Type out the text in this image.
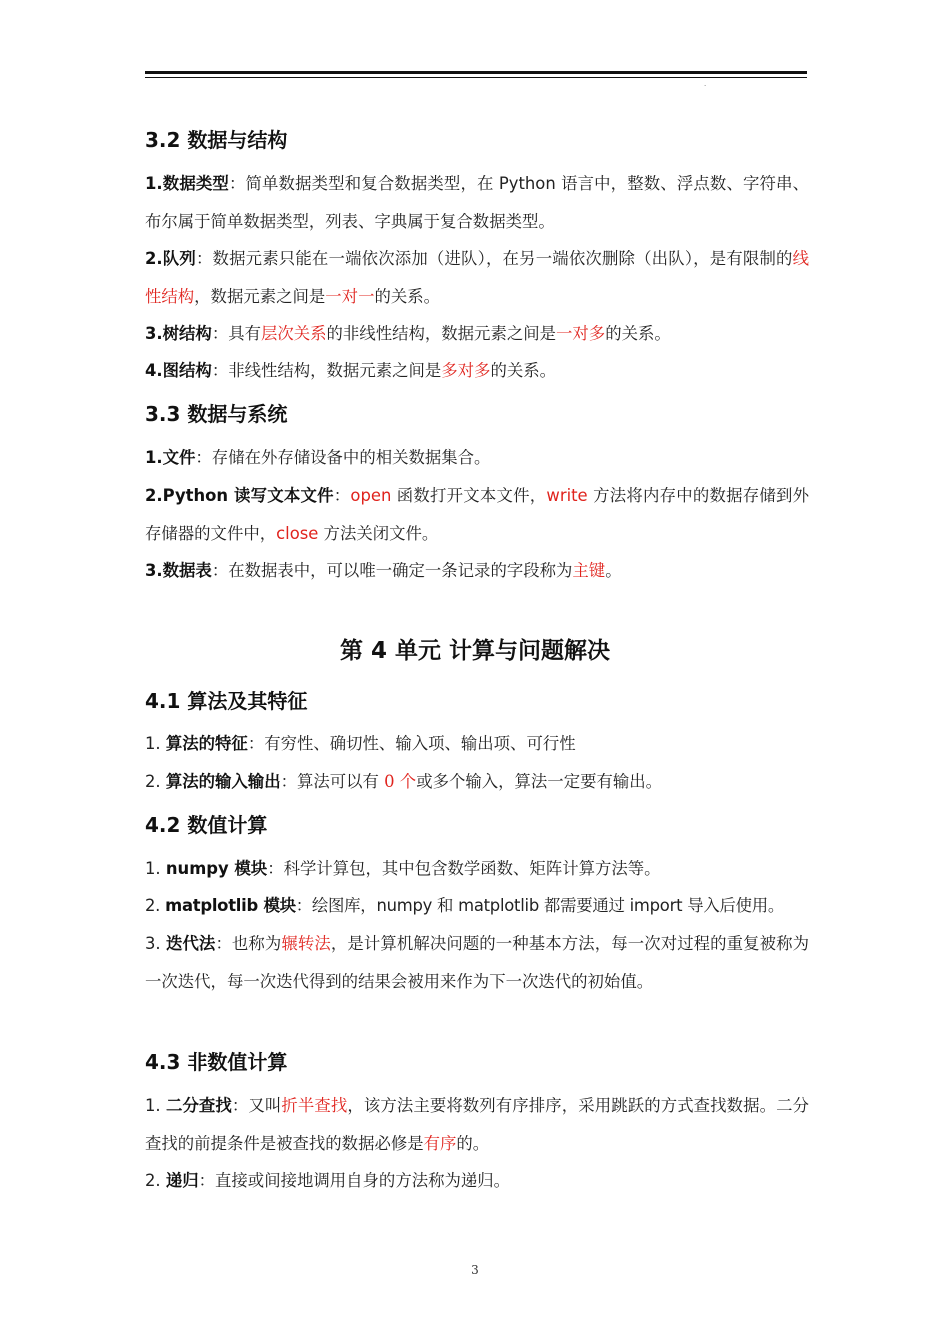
.
3.2 数据与结构
1.数据类型：简单数据类型和复合数据类型，在 Python 语言中，整数、浮点数、字符串、布尔属于简单数据类型，列表、字典属于复合数据类型。
2.队列：数据元素只能在一端依次添加（进队），在另一端依次删除（出队），是有限制的线性结构，数据元素之间是一对一的关系。
3.树结构：具有层次关系的非线性结构，数据元素之间是一对多的关系。
4.图结构：非线性结构，数据元素之间是多对多的关系。
3.3 数据与系统
1.文件：存储在外存储设备中的相关数据集合。
2.Python 读写文本文件：open 函数打开文本文件，write 方法将内存中的数据存储到外存储器的文件中，close 方法关闭文件。
3.数据表：在数据表中，可以唯一确定一条记录的字段称为主键。
第 4 单元 计算与问题解决
4.1 算法及其特征
1. 算法的特征：有穷性、确切性、输入项、输出项、可行性
2. 算法的输入输出：算法可以有 0 个或多个输入，算法一定要有输出。
4.2 数值计算
1. numpy 模块：科学计算包，其中包含数学函数、矩阵计算方法等。
2. matplotlib 模块：绘图库，numpy 和 matplotlib 都需要通过 import 导入后使用。
3. 迭代法：也称为辗转法，是计算机解决问题的一种基本方法，每一次对过程的重复被称为一次迭代，每一次迭代得到的结果会被用来作为下一次迭代的初始值。
4.3 非数值计算
1. 二分查找：又叫折半查找，该方法主要将数列有序排序，采用跳跃的方式查找数据。二分查找的前提条件是被查找的数据必修是有序的。
2. 递归：直接或间接地调用自身的方法称为递归。
3
